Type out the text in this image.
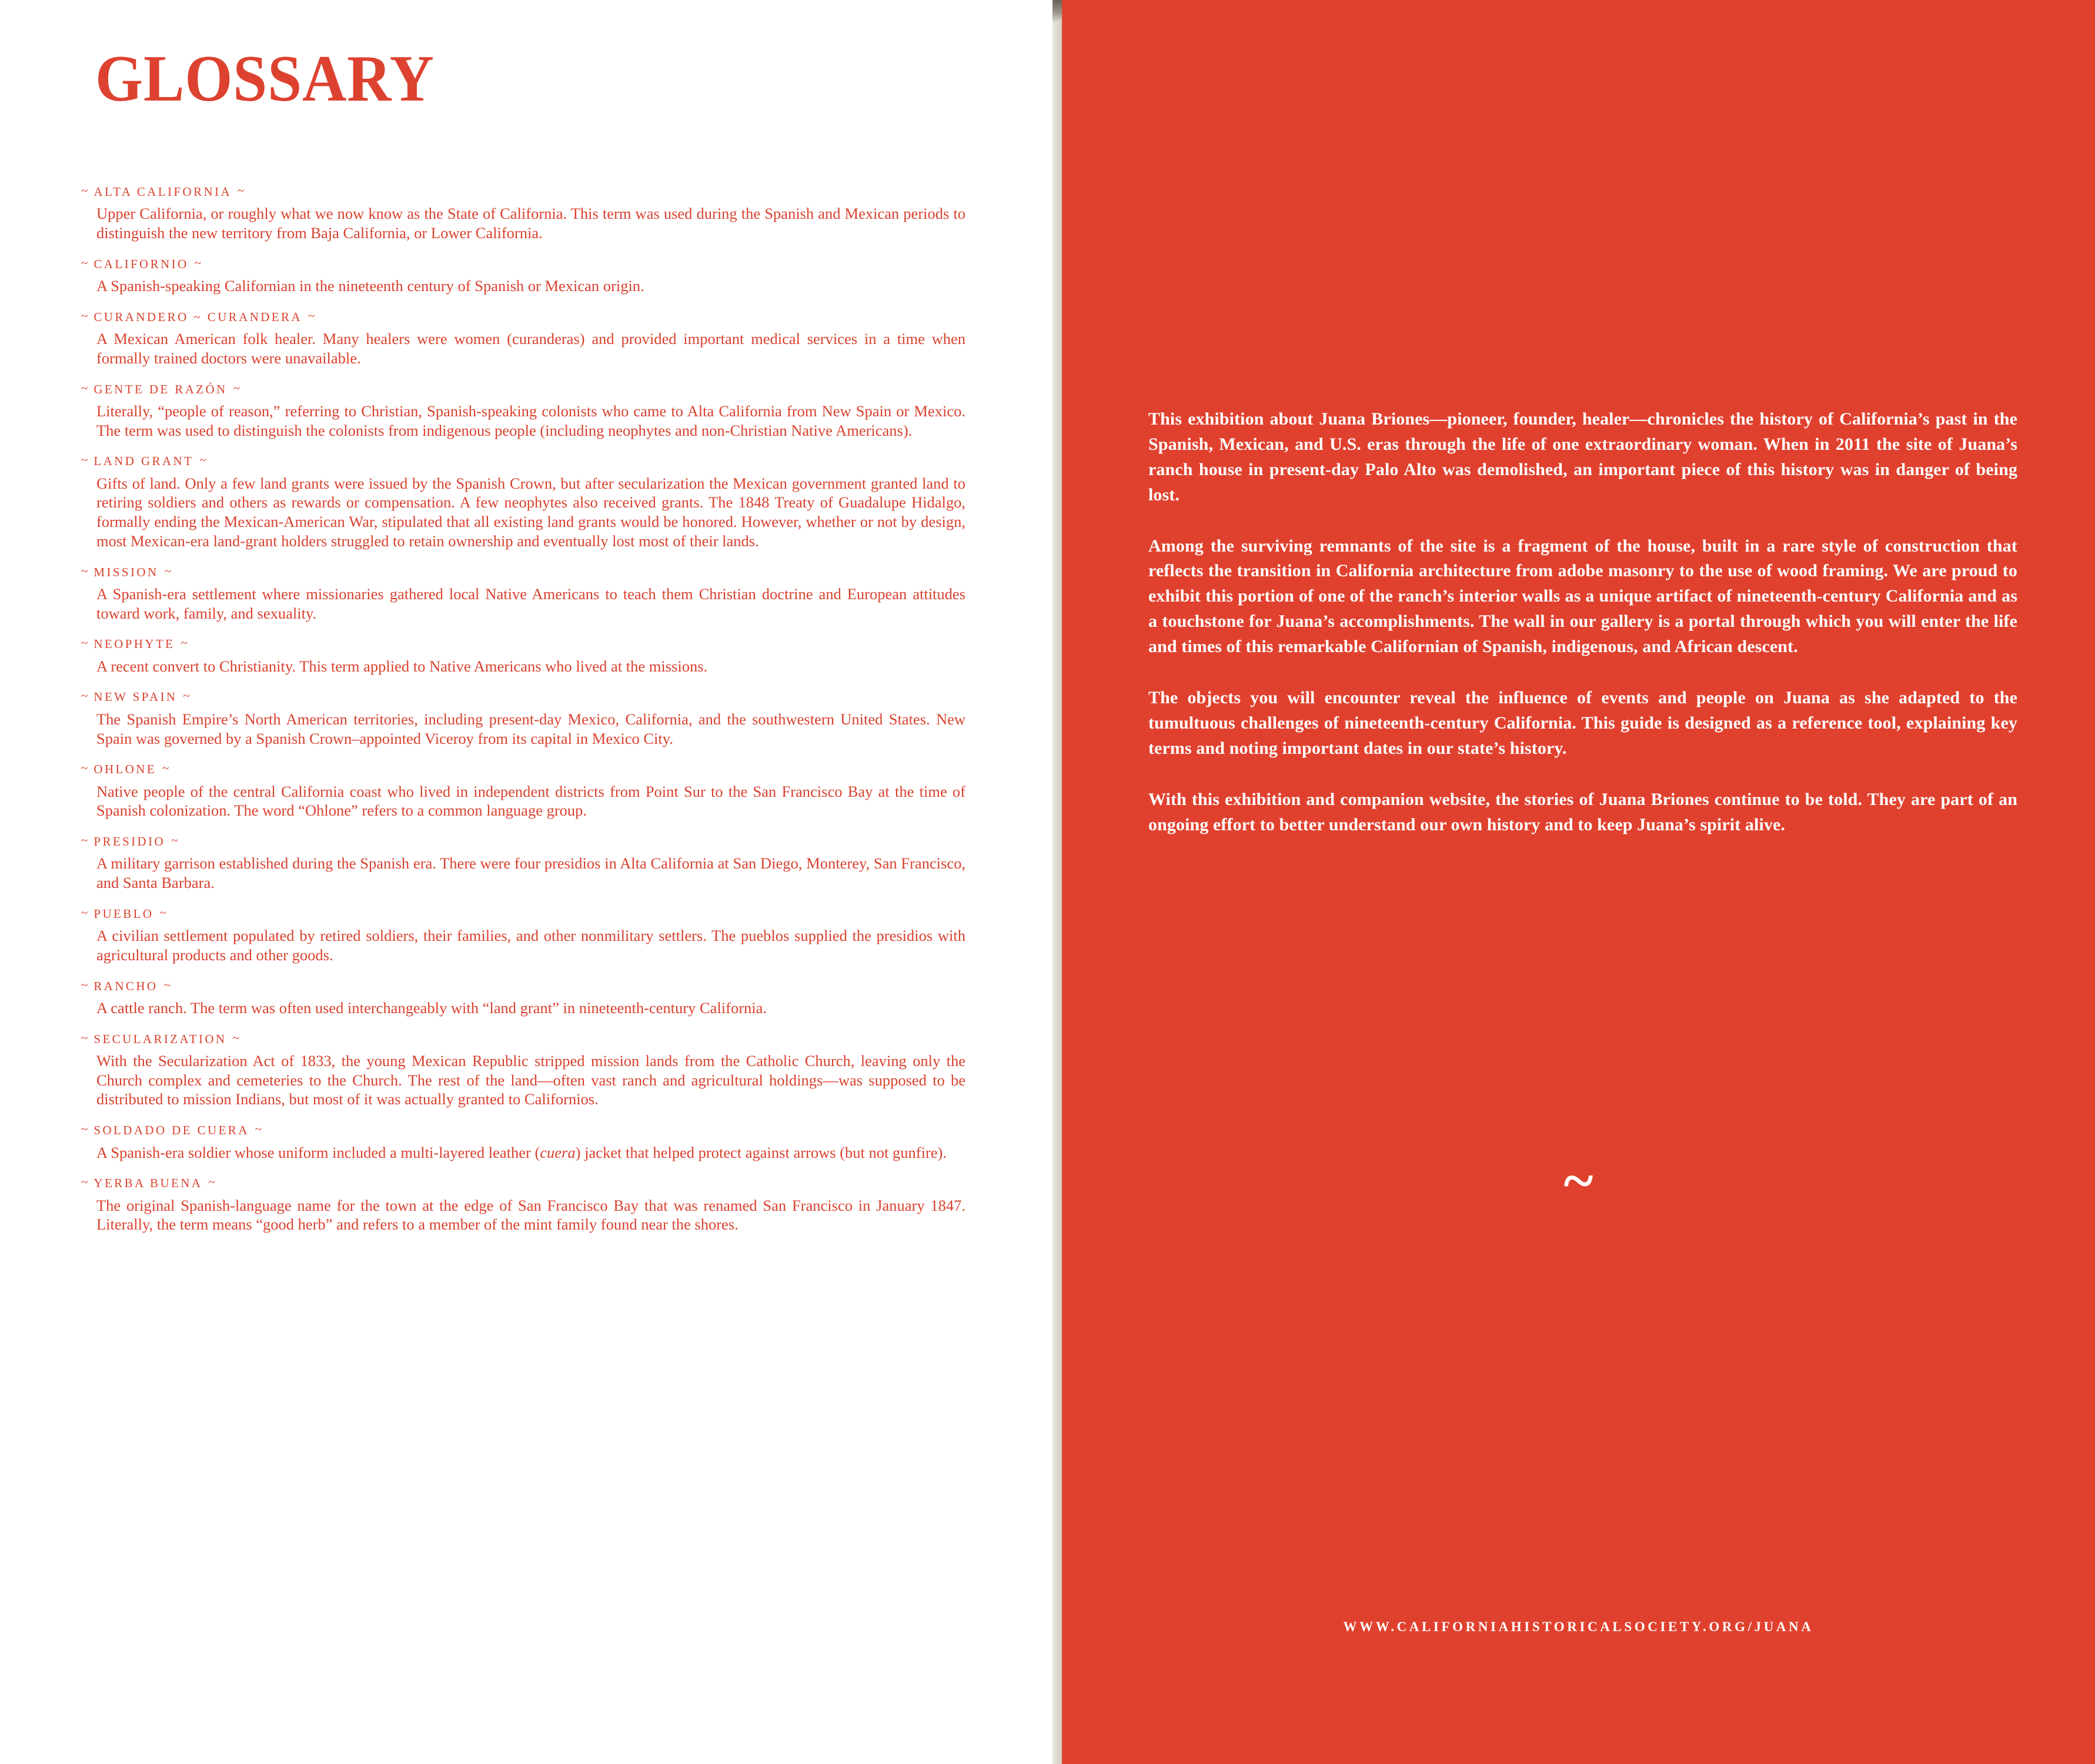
GLOSSARY
~ ALTA CALIFORNIA ~

Upper California, or roughly what we now know as the State of California. This term was used during the Spanish and Mexican periods to distinguish the new territory from Baja California, or Lower California.

~ CALIFORNIO ~

A Spanish-speaking Californian in the nineteenth century of Spanish or Mexican origin.

~ CURANDERO ~ CURANDERA ~

A Mexican American folk healer. Many healers were women (curanderas) and provided important medical services in a time when formally trained doctors were unavailable.

~ GENTE DE RAZÓN ~

Literally, “people of reason,” referring to Christian, Spanish-speaking colonists who came to Alta California from New Spain or Mexico. The term was used to distinguish the colonists from indigenous people (including neophytes and non-Christian Native Americans).

~ LAND GRANT ~

Gifts of land. Only a few land grants were issued by the Spanish Crown, but after secularization the Mexican government granted land to retiring soldiers and others as rewards or compensation. A few neophytes also received grants. The 1848 Treaty of Guadalupe Hidalgo, formally ending the Mexican-American War, stipulated that all existing land grants would be honored. However, whether or not by design, most Mexican-era land-grant holders struggled to retain ownership and eventually lost most of their lands.

~ MISSION ~

A Spanish-era settlement where missionaries gathered local Native Americans to teach them Christian doctrine and European attitudes toward work, family, and sexuality.

~ NEOPHYTE ~

A recent convert to Christianity. This term applied to Native Americans who lived at the missions.

~ NEW SPAIN ~

The Spanish Empire’s North American territories, including present-day Mexico, California, and the southwestern United States. New Spain was governed by a Spanish Crown–appointed Viceroy from its capital in Mexico City.

~ OHLONE ~

Native people of the central California coast who lived in independent districts from Point Sur to the San Francisco Bay at the time of Spanish colonization. The word “Ohlone” refers to a common language group.

~ PRESIDIO ~

A military garrison established during the Spanish era. There were four presidios in Alta California at San Diego, Monterey, San Francisco, and Santa Barbara.

~ PUEBLO ~

A civilian settlement populated by retired soldiers, their families, and other nonmilitary settlers. The pueblos supplied the presidios with agricultural products and other goods.

~ RANCHO ~

A cattle ranch. The term was often used interchangeably with “land grant” in nineteenth-century California.

~ SECULARIZATION ~

With the Secularization Act of 1833, the young Mexican Republic stripped mission lands from the Catholic Church, leaving only the Church complex and cemeteries to the Church. The rest of the land—often vast ranch and agricultural holdings—was supposed to be distributed to mission Indians, but most of it was actually granted to Californios.

~ SOLDADO DE CUERA ~

A Spanish-era soldier whose uniform included a multi-layered leather (cuera) jacket that helped protect against arrows (but not gunfire).

~ YERBA BUENA ~

The original Spanish-language name for the town at the edge of San Francisco Bay that was renamed San Francisco in January 1847. Literally, the term means “good herb” and refers to a member of the mint family found near the shores.

This exhibition about Juana Briones—pioneer, founder, healer—chronicles the history of California’s past in the Spanish, Mexican, and U.S. eras through the life of one extraordinary woman. When in 2011 the site of Juana’s ranch house in present-day Palo Alto was demolished, an important piece of this history was in danger of being lost.

Among the surviving remnants of the site is a fragment of the house, built in a rare style of construction that reflects the transition in California architecture from adobe masonry to the use of wood framing. We are proud to exhibit this portion of one of the ranch’s interior walls as a unique artifact of nineteenth-century California and as a touchstone for Juana’s accomplishments. The wall in our gallery is a portal through which you will enter the life and times of this remarkable Californian of Spanish, indigenous, and African descent.

The objects you will encounter reveal the influence of events and people on Juana as she adapted to the tumultuous challenges of nineteenth-century California. This guide is designed as a reference tool, explaining key terms and noting important dates in our state’s history.

With this exhibition and companion website, the stories of Juana Briones continue to be told. They are part of an ongoing effort to better understand our own history and to keep Juana’s spirit alive.

~
WWW.CALIFORNIAHISTORICALSOCIETY.ORG/JUANA
